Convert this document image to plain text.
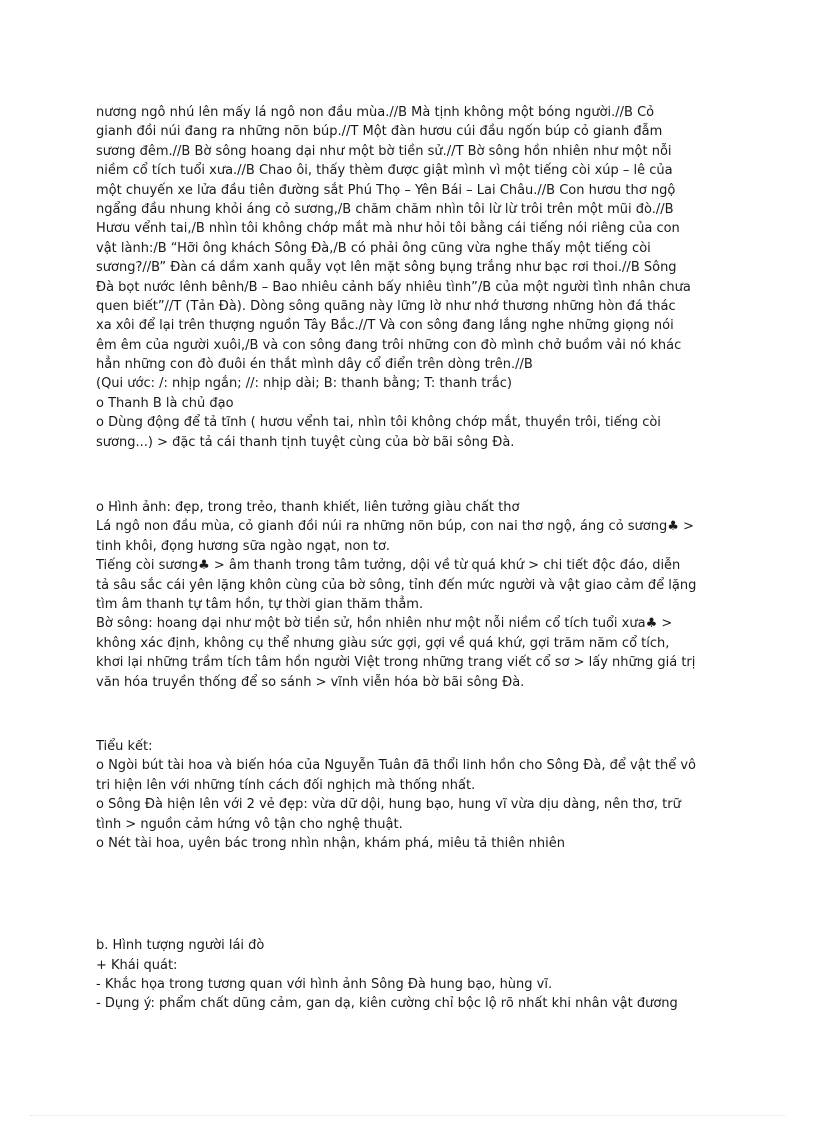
nương ngô nhú lên mấy lá ngô non đầu mùa.//B Mà tịnh không một bóng người.//B Cỏ
gianh đồi núi đang ra những nõn búp.//T Một đàn hươu cúi đầu ngốn búp cỏ gianh đẫm
sương đêm.//B Bờ sông hoang dại như một bờ tiền sử.//T Bờ sông hồn nhiên như một nỗi
niềm cổ tích tuổi xưa.//B Chao ôi, thấy thèm được giật mình vì một tiếng còi xúp – lê của
một chuyến xe lửa đầu tiên đường sắt Phú Thọ – Yên Bái – Lai Châu.//B Con hươu thơ ngộ
ngẩng đầu nhung khỏi áng cỏ sương,/B chăm chăm nhìn tôi lừ lừ trôi trên một mũi đò.//B
Hươu vểnh tai,/B nhìn tôi không chớp mắt mà như hỏi tôi bằng cái tiếng nói riêng của con
vật lành:/B “Hỡi ông khách Sông Đà,/B có phải ông cũng vừa nghe thấy một tiếng còi
sương?//B” Đàn cá dầm xanh quẫy vọt lên mặt sông bụng trắng như bạc rơi thoi.//B Sông
Đà bọt nước lênh bênh/B – Bao nhiêu cảnh bấy nhiêu tình”/B của một người tình nhân chưa
quen biết”//T (Tản Đà). Dòng sông quãng này lững lờ như nhớ thương những hòn đá thác
xa xôi để lại trên thượng nguồn Tây Bắc.//T Và con sông đang lắng nghe những giọng nói
êm êm của người xuôi,/B và con sông đang trôi những con đò mình chở buồm vải nó khác
hẳn những con đò đuôi én thắt mình dây cổ điển trên dòng trên.//B
(Qui ước: /: nhịp ngắn; //: nhịp dài; B: thanh bằng; T: thanh trắc)
o Thanh B là chủ đạo
o Dùng động để tả tĩnh ( hươu vểnh tai, nhìn tôi không chớp mắt, thuyền trôi, tiếng còi
sương...) > đặc tả cái thanh tịnh tuyệt cùng của bờ bãi sông Đà.
o Hình ảnh: đẹp, trong trẻo, thanh khiết, liên tưởng giàu chất thơ
Lá ngô non đầu mùa, cỏ gianh đồi núi ra những nõn búp, con nai thơ ngộ, áng cỏ sương♣ >
tinh khôi, đọng hương sữa ngào ngạt, non tơ.
Tiếng còi sương♣ > âm thanh trong tâm tưởng, dội về từ quá khứ > chi tiết độc đáo, diễn
tả sâu sắc cái yên lặng khôn cùng của bờ sông, tỉnh đến mức người và vật giao cảm để lặng
tìm âm thanh tự tâm hồn, tự thời gian thăm thẳm.
Bờ sông: hoang dại như một bờ tiền sử, hồn nhiên như một nỗi niềm cổ tích tuổi xưa♣ >
không xác định, không cụ thể nhưng giàu sức gợi, gợi về quá khứ, gợi trăm năm cổ tích,
khơi lại những trầm tích tâm hồn người Việt trong những trang viết cổ sơ > lấy những giá trị
văn hóa truyền thống để so sánh > vĩnh viễn hóa bờ bãi sông Đà.
Tiểu kết:
o Ngòi bút tài hoa và biến hóa của Nguyễn Tuân đã thổi linh hồn cho Sông Đà, để vật thể vô
tri hiện lên với những tính cách đối nghịch mà thống nhất.
o Sông Đà hiện lên với 2 vẻ đẹp: vừa dữ dội, hung bạo, hung vĩ vừa dịu dàng, nên thơ, trữ
tình > nguồn cảm hứng vô tận cho nghệ thuật.
o Nét tài hoa, uyên bác trong nhìn nhận, khám phá, miêu tả thiên nhiên
b. Hình tượng người lái đò
+ Khái quát:
- Khắc họa trong tương quan với hình ảnh Sông Đà hung bạo, hùng vĩ.
- Dụng ý: phẩm chất dũng cảm, gan dạ, kiên cường chỉ bộc lộ rõ nhất khi nhân vật đương
